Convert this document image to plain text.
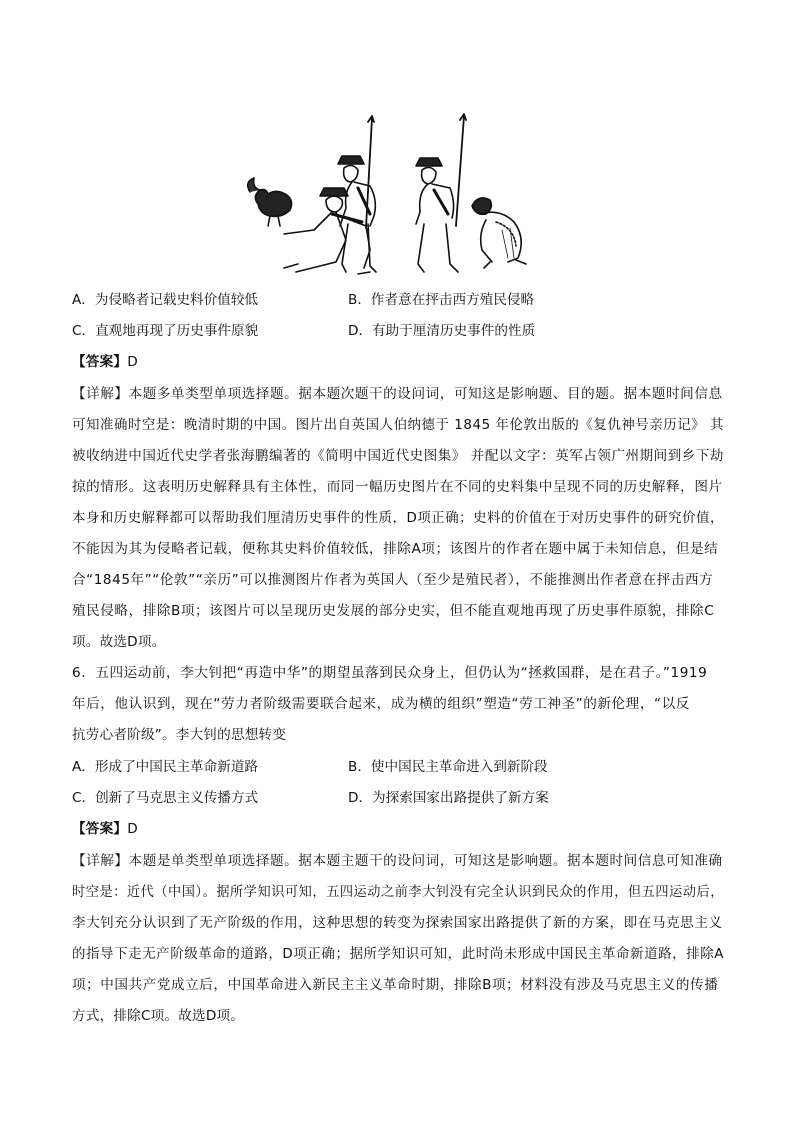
A．为侵略者记载史料价值较低	B．作者意在抨击西方殖民侵略
C．直观地再现了历史事件原貌	D．有助于厘清历史事件的性质
【答案】D
【详解】本题多单类型单项选择题。据本题次题干的设问词，可知这是影响题、目的题。据本题时间信息
可知准确时空是：晚清时期的中国。图片出自英国人伯纳德于 1845 年伦敦出版的《复仇神号亲历记》 其
被收纳进中国近代史学者张海鹏编著的《简明中国近代史图集》 并配以文字：英军占领广州期间到乡下劫
掠的情形。这表明历史解释具有主体性，而同一幅历史图片在不同的史料集中呈现不同的历史解释，图片
本身和历史解释都可以帮助我们厘清历史事件的性质，D项正确；史料的价值在于对历史事件的研究价值，
不能因为其为侵略者记载，便称其史料价值较低，排除A项；该图片的作者在题中属于未知信息，但是结
合“1845年”“伦敦”“亲历”可以推测图片作者为英国人（至少是殖民者），不能推测出作者意在抨击西方
殖民侵略，排除B项；该图片可以呈现历史发展的部分史实，但不能直观地再现了历史事件原貌，排除C
项。故选D项。
6．五四运动前，李大钊把“再造中华”的期望虽落到民众身上，但仍认为“拯救国群，是在君子。”1919
年后，他认识到，现在“劳力者阶级需要联合起来，成为横的组织”塑造“劳工神圣”的新伦理，“以反
抗劳心者阶级”。李大钊的思想转变
A．形成了中国民主革命新道路	B．使中国民主革命进入到新阶段
C．创新了马克思主义传播方式	D．为探索国家出路提供了新方案
【答案】D
【详解】本题是单类型单项选择题。据本题主题干的设问词，可知这是影响题。据本题时间信息可知准确
时空是：近代（中国）。据所学知识可知，五四运动之前李大钊没有完全认识到民众的作用，但五四运动后，
李大钊充分认识到了无产阶级的作用，这种思想的转变为探索国家出路提供了新的方案，即在马克思主义
的指导下走无产阶级革命的道路，D项正确；据所学知识可知，此时尚未形成中国民主革命新道路，排除A
项；中国共产党成立后，中国革命进入新民主主义革命时期，排除B项；材料没有涉及马克思主义的传播
方式，排除C项。故选D项。
